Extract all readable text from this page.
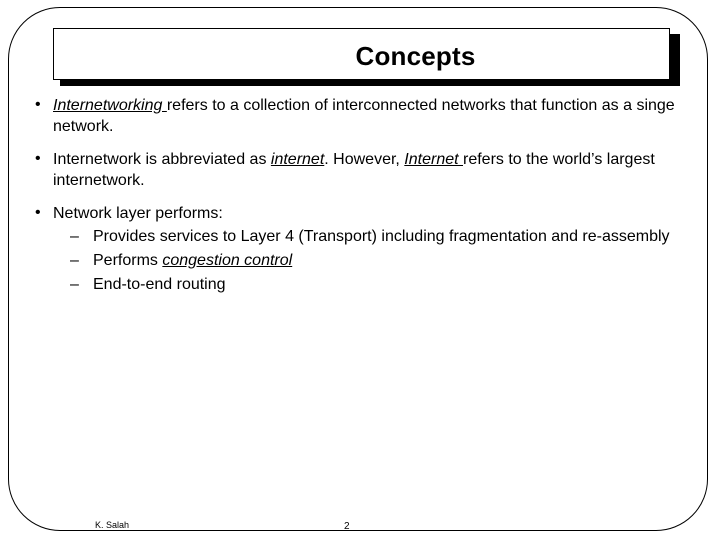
Concepts
• Internetworking refers to a collection of interconnected networks that function as a singe network.
• Internetwork is abbreviated as internet. However, Internet refers to the world’s largest internetwork.
• Network layer performs:
– Provides services to Layer 4 (Transport) including fragmentation and re-assembly
– Performs congestion control
– End-to-end routing
K. Salah	2
